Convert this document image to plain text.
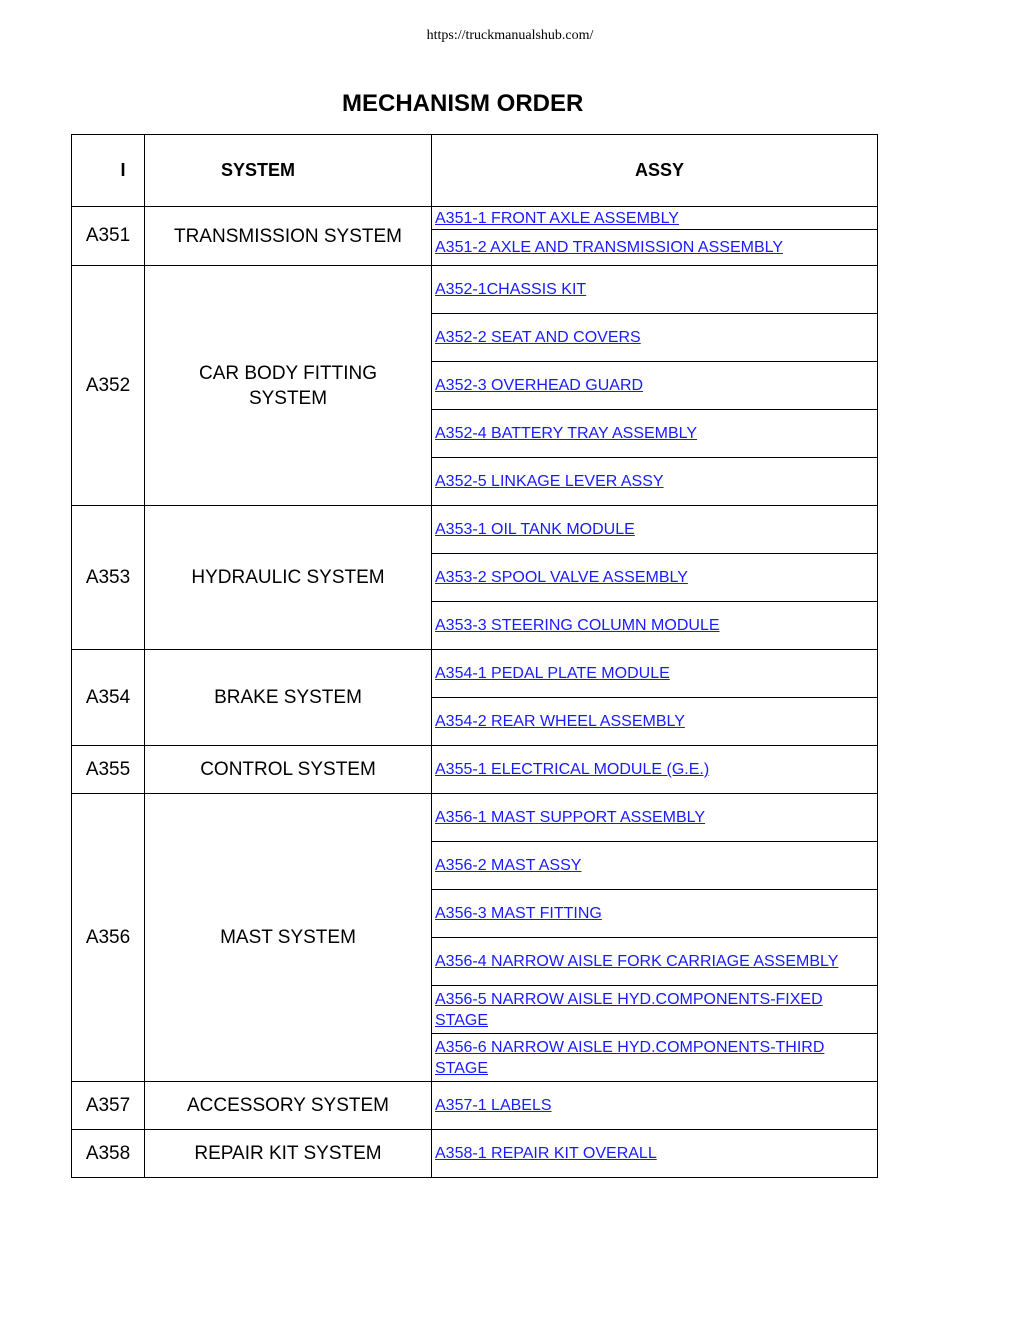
https://truckmanualshub.com/
MECHANISM ORDER
I	SYSTEM	ASSY
A351	TRANSMISSION SYSTEM	A351-1 FRONT AXLE ASSEMBLY
		A351-2 AXLE AND TRANSMISSION ASSEMBLY
A352	CAR BODY FITTING SYSTEM	A352-1CHASSIS KIT
		A352-2 SEAT AND COVERS
		A352-3 OVERHEAD GUARD
		A352-4 BATTERY TRAY ASSEMBLY
		A352-5 LINKAGE LEVER ASSY
A353	HYDRAULIC SYSTEM	A353-1 OIL TANK MODULE
		A353-2 SPOOL VALVE ASSEMBLY
		A353-3 STEERING COLUMN MODULE
A354	BRAKE SYSTEM	A354-1 PEDAL PLATE MODULE
		A354-2 REAR WHEEL ASSEMBLY
A355	CONTROL SYSTEM	A355-1 ELECTRICAL MODULE (G.E.)
A356	MAST SYSTEM	A356-1 MAST SUPPORT ASSEMBLY
		A356-2 MAST ASSY
		A356-3 MAST FITTING
		A356-4 NARROW AISLE FORK CARRIAGE ASSEMBLY
		A356-5 NARROW AISLE HYD.COMPONENTS-FIXED STAGE
		A356-6 NARROW AISLE HYD.COMPONENTS-THIRD STAGE
A357	ACCESSORY SYSTEM	A357-1 LABELS
A358	REPAIR KIT SYSTEM	A358-1 REPAIR KIT OVERALL
